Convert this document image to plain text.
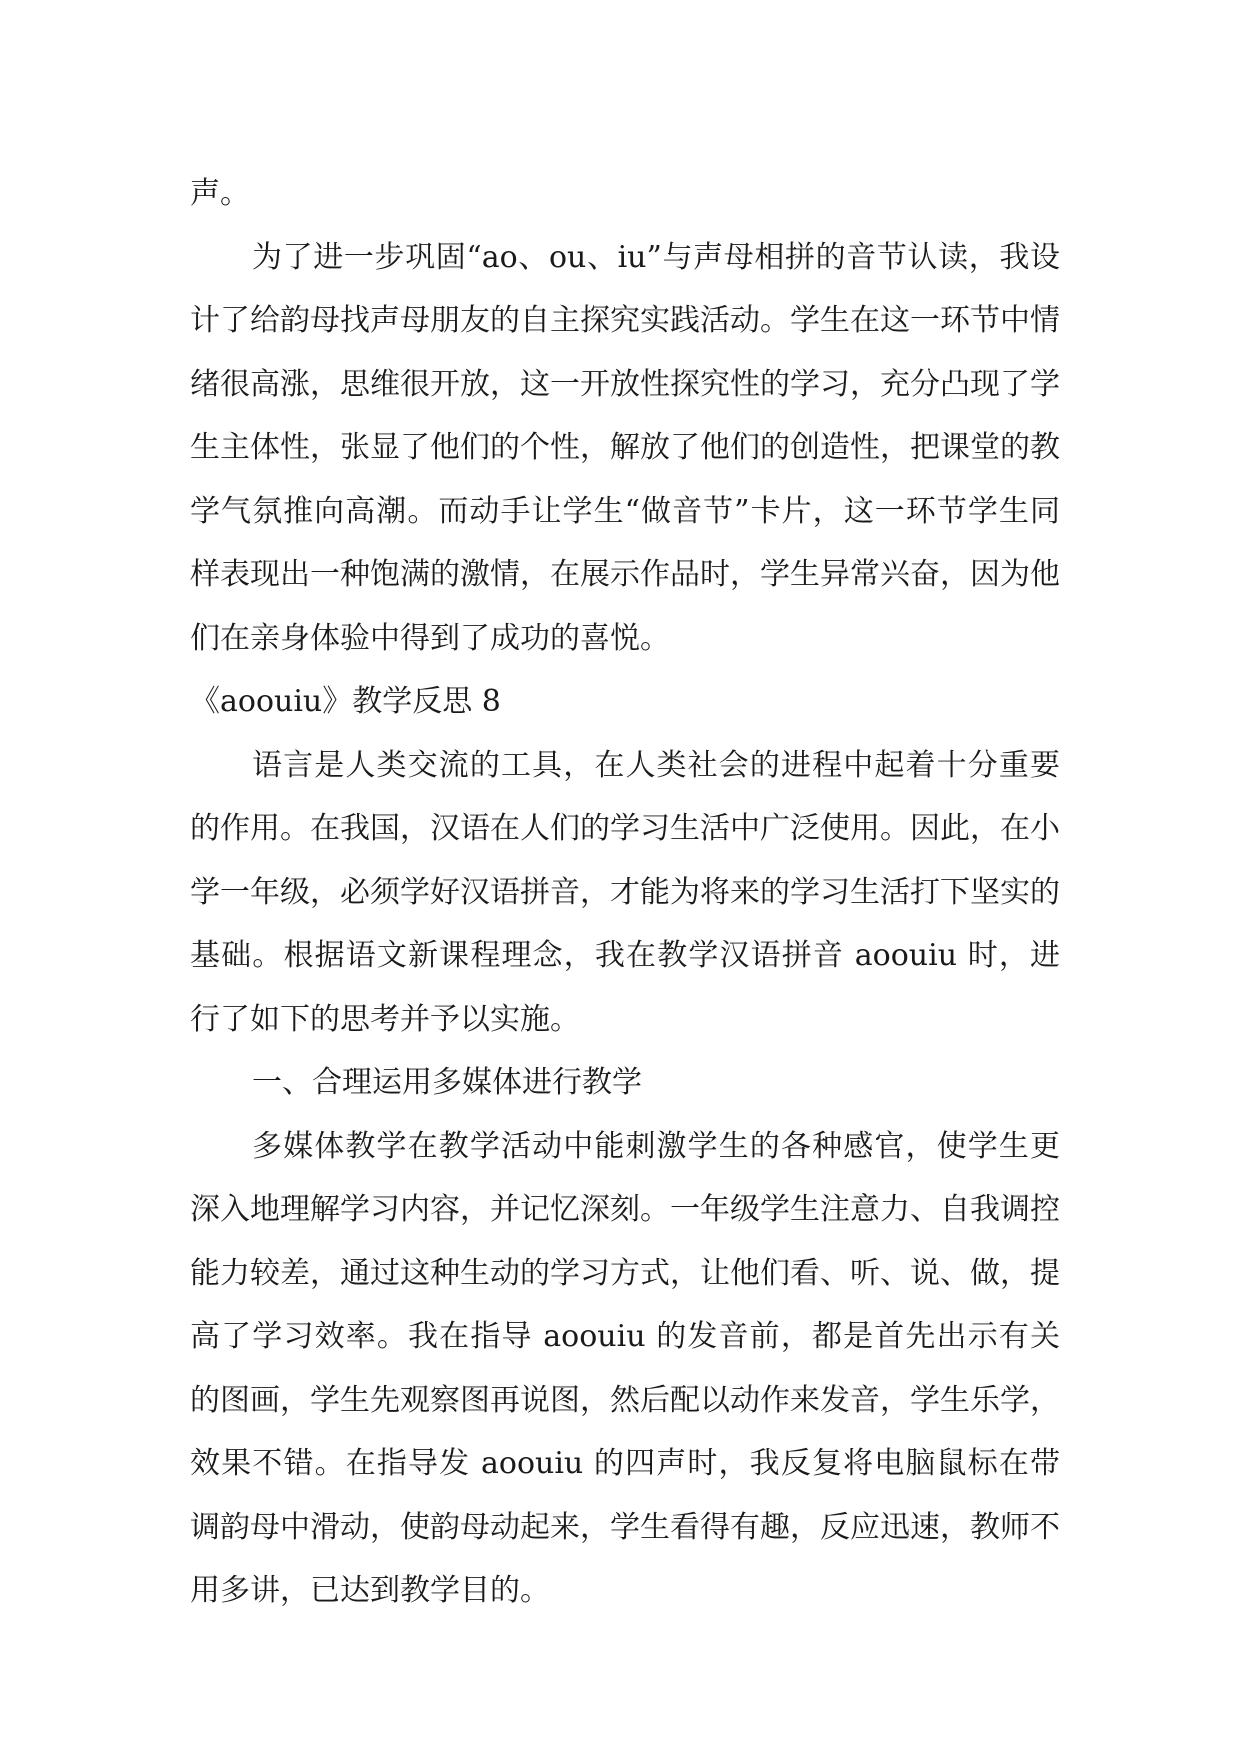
声。

为了进一步巩固“ao、ou、iu”与声母相拼的音节认读，我设计了给韵母找声母朋友的自主探究实践活动。学生在这一环节中情绪很高涨，思维很开放，这一开放性探究性的学习，充分凸现了学生主体性，张显了他们的个性，解放了他们的创造性，把课堂的教学气氛推向高潮。而动手让学生“做音节”卡片，这一环节学生同样表现出一种饱满的激情，在展示作品时，学生异常兴奋，因为他们在亲身体验中得到了成功的喜悦。

《aoouiu》教学反思 8

语言是人类交流的工具，在人类社会的进程中起着十分重要的作用。在我国，汉语在人们的学习生活中广泛使用。因此，在小学一年级，必须学好汉语拼音，才能为将来的学习生活打下坚实的基础。根据语文新课程理念，我在教学汉语拼音 aoouiu 时，进行了如下的思考并予以实施。

一、合理运用多媒体进行教学

多媒体教学在教学活动中能刺激学生的各种感官，使学生更深入地理解学习内容，并记忆深刻。一年级学生注意力、自我调控能力较差，通过这种生动的学习方式，让他们看、听、说、做，提高了学习效率。我在指导 aoouiu 的发音前，都是首先出示有关的图画，学生先观察图再说图，然后配以动作来发音，学生乐学，效果不错。在指导发 aoouiu 的四声时，我反复将电脑鼠标在带调韵母中滑动，使韵母动起来，学生看得有趣，反应迅速，教师不用多讲，已达到教学目的。
